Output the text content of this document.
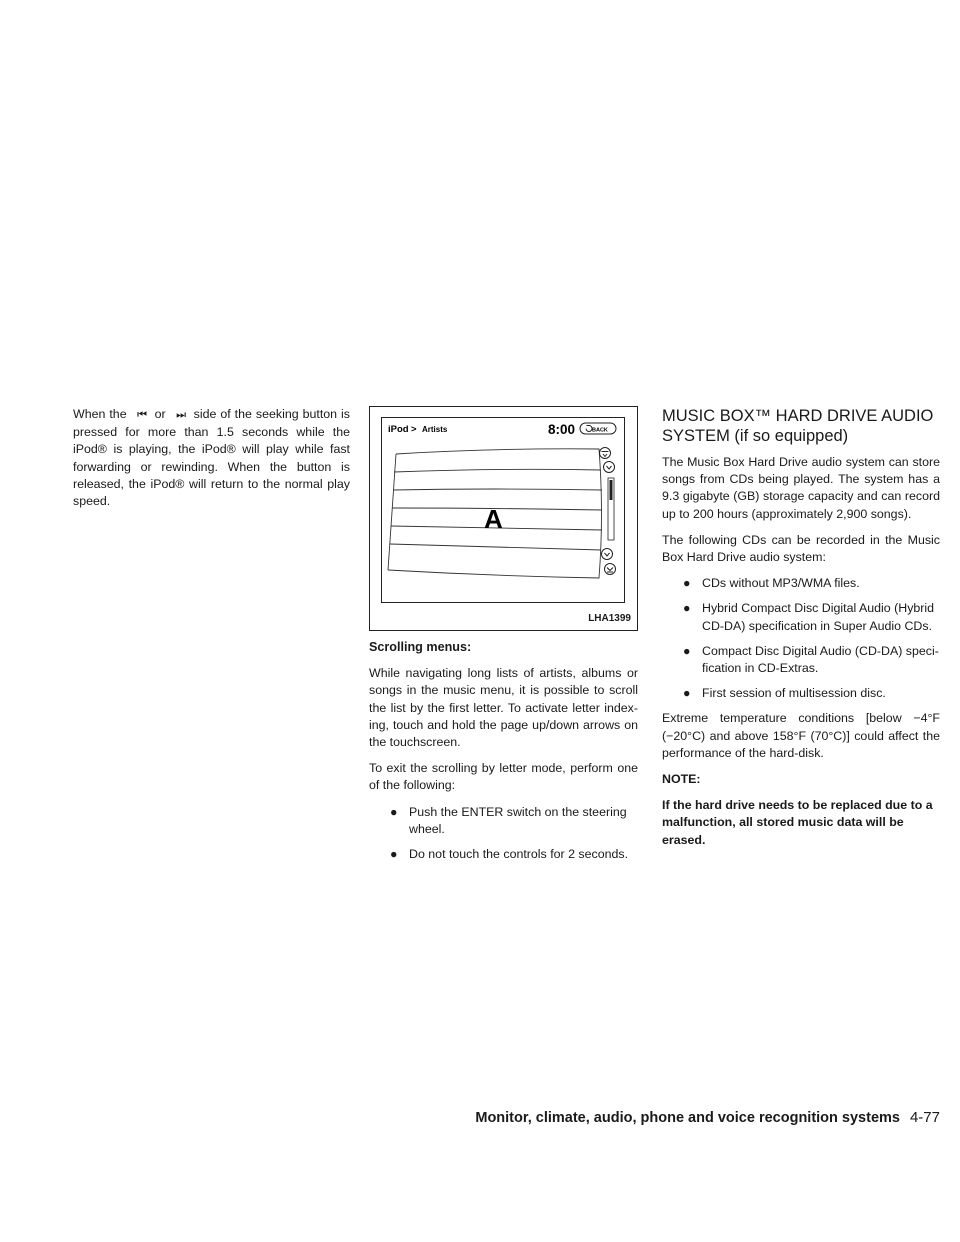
When the ⏮ or ⏭ side of the seeking button is pressed for more than 1.5 seconds while the iPod® is playing, the iPod® will play while fast forwarding or rewinding. When the button is released, the iPod® will return to the normal play speed.

iPod > Artists	8:00	BACK
A
LHA1399
Scrolling menus:

While navigating long lists of artists, albums or songs in the music menu, it is possible to scroll the list by the first letter. To activate letter index-ing, touch and hold the page up/down arrows on the touchscreen.

To exit the scrolling by letter mode, perform one of the following:

● Push the ENTER switch on the steering wheel.
● Do not touch the controls for 2 seconds.
MUSIC BOX™ HARD DRIVE AUDIO SYSTEM (if so equipped)

The Music Box Hard Drive audio system can store songs from CDs being played. The system has a 9.3 gigabyte (GB) storage capacity and can record up to 200 hours (approximately 2,900 songs).

The following CDs can be recorded in the Music Box Hard Drive audio system:

● CDs without MP3/WMA files.
● Hybrid Compact Disc Digital Audio (Hybrid CD-DA) specification in Super Audio CDs.
● Compact Disc Digital Audio (CD-DA) speci-fication in CD-Extras.
● First session of multisession disc.

Extreme temperature conditions [below −4°F (−20°C) and above 158°F (70°C)] could affect the performance of the hard-disk.

NOTE:

If the hard drive needs to be replaced due to a malfunction, all stored music data will be erased.

Monitor, climate, audio, phone and voice recognition systems 4-77
